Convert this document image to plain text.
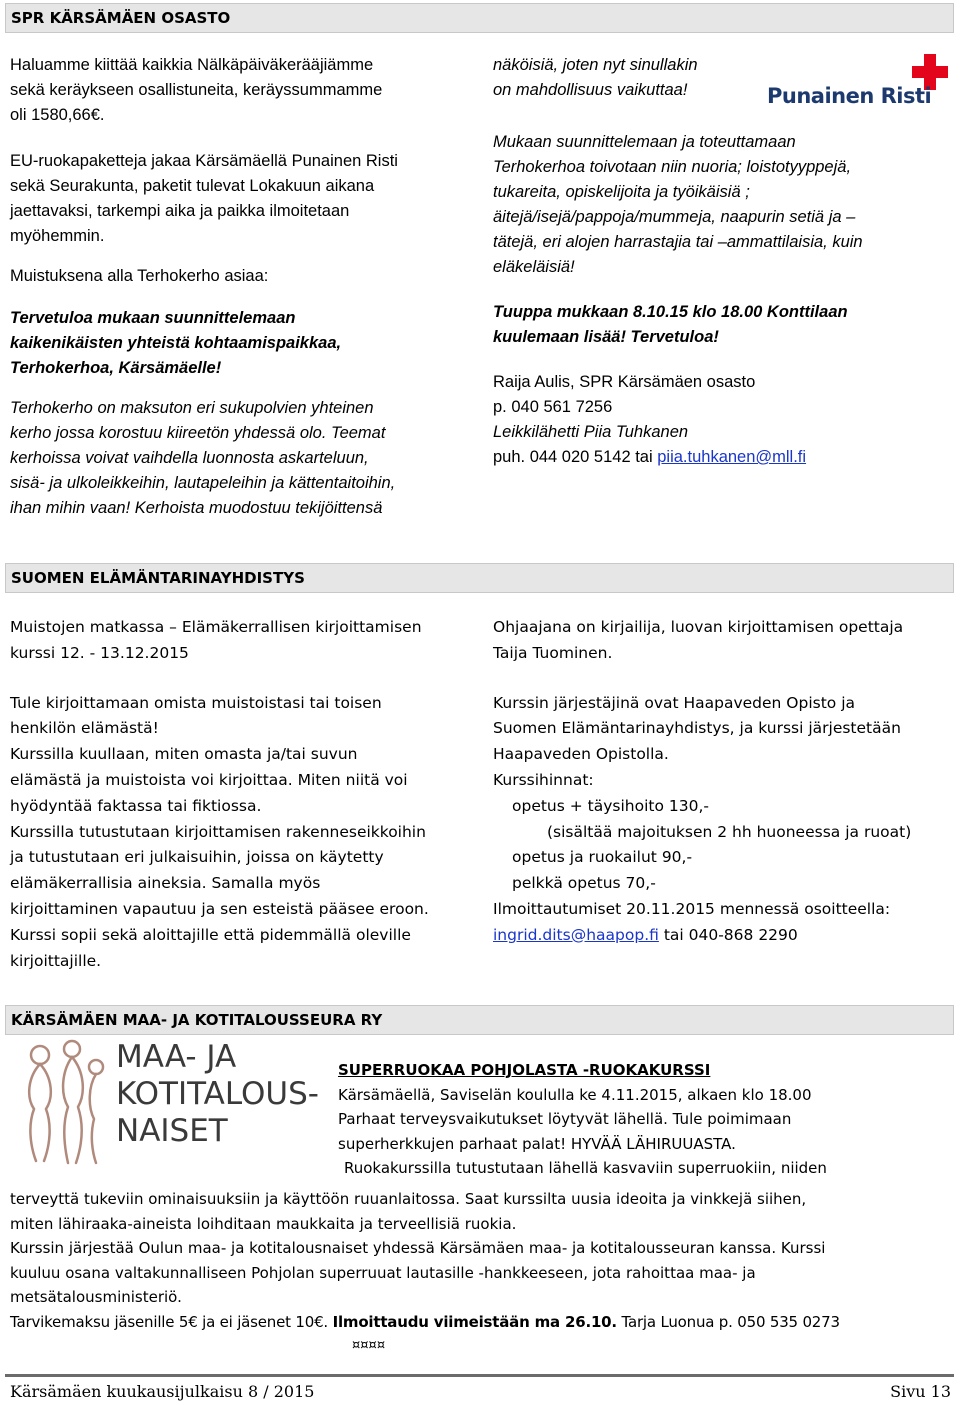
SPR KÄRSÄMÄEN OSASTO
Haluamme kiittää kaikkia Nälkäpäiväkerääjiämme
sekä keräykseen osallistuneita, keräyssummamme
oli 1580,66€.
EU-ruokapaketteja jakaa Kärsämäellä Punainen Risti
sekä Seurakunta, paketit tulevat Lokakuun aikana
jaettavaksi, tarkempi aika ja paikka ilmoitetaan
myöhemmin.
Muistuksena alla Terhokerho asiaa:
Tervetuloa mukaan suunnittelemaan
kaikenikäisten yhteistä kohtaamispaikkaa,
Terhokerhoa, Kärsämäelle!
Terhokerho on maksuton eri sukupolvien yhteinen
kerho jossa korostuu kiireetön yhdessä olo. Teemat
kerhoissa voivat vaihdella luonnosta askarteluun,
sisä- ja ulkoleikkeihin, lautapeleihin ja kättentaitoihin,
ihan mihin vaan! Kerhoista muodostuu tekijöittensä
näköisiä, joten nyt sinullakin
on mahdollisuus vaikuttaa!	Punainen Risti
Mukaan suunnittelemaan ja toteuttamaan
Terhokerhoa toivotaan niin nuoria; loistotyyppejä,
tukareita, opiskelijoita ja työikäisiä ;
äitejä/isejä/pappoja/mummeja, naapurin setiä ja –
tätejä, eri alojen harrastajia tai –ammattilaisia, kuin
eläkeläisiä!
Tuuppa mukkaan 8.10.15 klo 18.00 Konttilaan
kuulemaan lisää! Tervetuloa!
Raija Aulis, SPR Kärsämäen osasto
p. 040 561 7256
Leikkilähetti Piia Tuhkanen
puh. 044 020 5142 tai piia.tuhkanen@mll.fi
SUOMEN ELÄMÄNTARINAYHDISTYS
Muistojen matkassa – Elämäkerrallisen kirjoittamisen
kurssi 12. - 13.12.2015
Tule kirjoittamaan omista muistoistasi tai toisen
henkilön elämästä!
Kurssilla kuullaan, miten omasta ja/tai suvun
elämästä ja muistoista voi kirjoittaa. Miten niitä voi
hyödyntää faktassa tai fiktiossa.
Kurssilla tutustutaan kirjoittamisen rakenneseikkoihin
ja tutustutaan eri julkaisuihin, joissa on käytetty
elämäkerrallisia aineksia. Samalla myös
kirjoittaminen vapautuu ja sen esteistä pääsee eroon.
Kurssi sopii sekä aloittajille että pidemmällä oleville
kirjoittajille.
Ohjaajana on kirjailija, luovan kirjoittamisen opettaja
Taija Tuominen.
Kurssin järjestäjinä ovat Haapaveden Opisto ja
Suomen Elämäntarinayhdistys, ja kurssi järjestetään
Haapaveden Opistolla.
Kurssihinnat:
opetus + täysihoito 130,-
(sisältää majoituksen 2 hh huoneessa ja ruoat)
opetus ja ruokailut 90,-
pelkkä opetus 70,-
Ilmoittautumiset 20.11.2015 mennessä osoitteella:
ingrid.dits@haapop.fi tai 040-868 2290
KÄRSÄMÄEN MAA- JA KOTITALOUSSEURA RY
MAA- JA
KOTITALOUS-
NAISET
SUPERRUOKAA POHJOLASTA -RUOKAKURSSI
Kärsämäellä, Saviselän koululla ke 4.11.2015, alkaen klo 18.00
Parhaat terveysvaikutukset löytyvät lähellä. Tule poimimaan
superherkkujen parhaat palat! HYVÄÄ LÄHIRUUASTA.
Ruokakurssilla tutustutaan lähellä kasvaviin superruokiin, niiden
terveyttä tukeviin ominaisuuksiin ja käyttöön ruuanlaitossa. Saat kurssilta uusia ideoita ja vinkkejä siihen,
miten lähiraaka-aineista loihditaan maukkaita ja terveellisiä ruokia.
Kurssin järjestää Oulun maa- ja kotitalousnaiset yhdessä Kärsämäen maa- ja kotitalousseuran kanssa. Kurssi
kuuluu osana valtakunnalliseen Pohjolan superruuat lautasille -hankkeeseen, jota rahoittaa maa- ja
metsätalousministeriö.
Tarvikemaksu jäsenille 5€ ja ei jäsenet 10€. Ilmoittaudu viimeistään ma 26.10. Tarja Luonua p. 050 535 0273
¤¤¤¤
Kärsämäen kuukausijulkaisu 8 / 2015	Sivu 13
